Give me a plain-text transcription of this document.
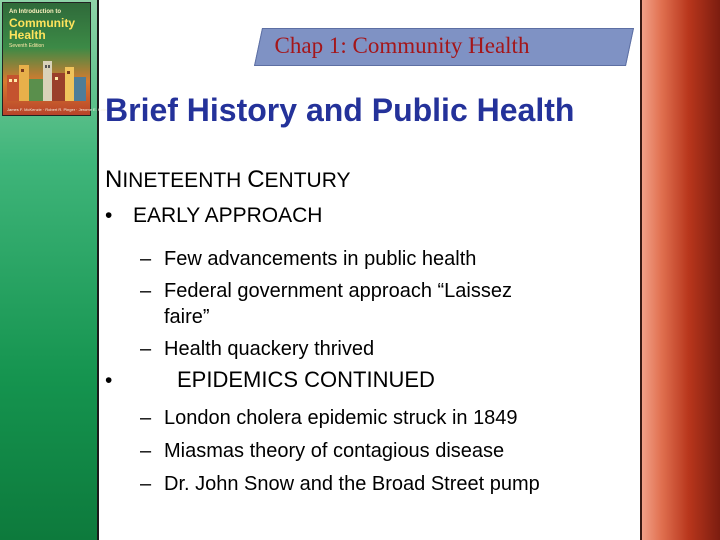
An Introduction to
Community Health
Seventh Edition
James F. McKenzie · Robert R. Pinger · Jerome E. Kotecki
Chap 1: Community Health
Brief History and Public Health
NINETEENTH CENTURY
• EARLY APPROACH
– Few advancements in public health
– Federal government approach “Laissez
faire”
– Health quackery thrived
•	EPIDEMICS CONTINUED
– London cholera epidemic struck in 1849
– Miasmas theory of contagious disease
– Dr. John Snow and the Broad Street pump
